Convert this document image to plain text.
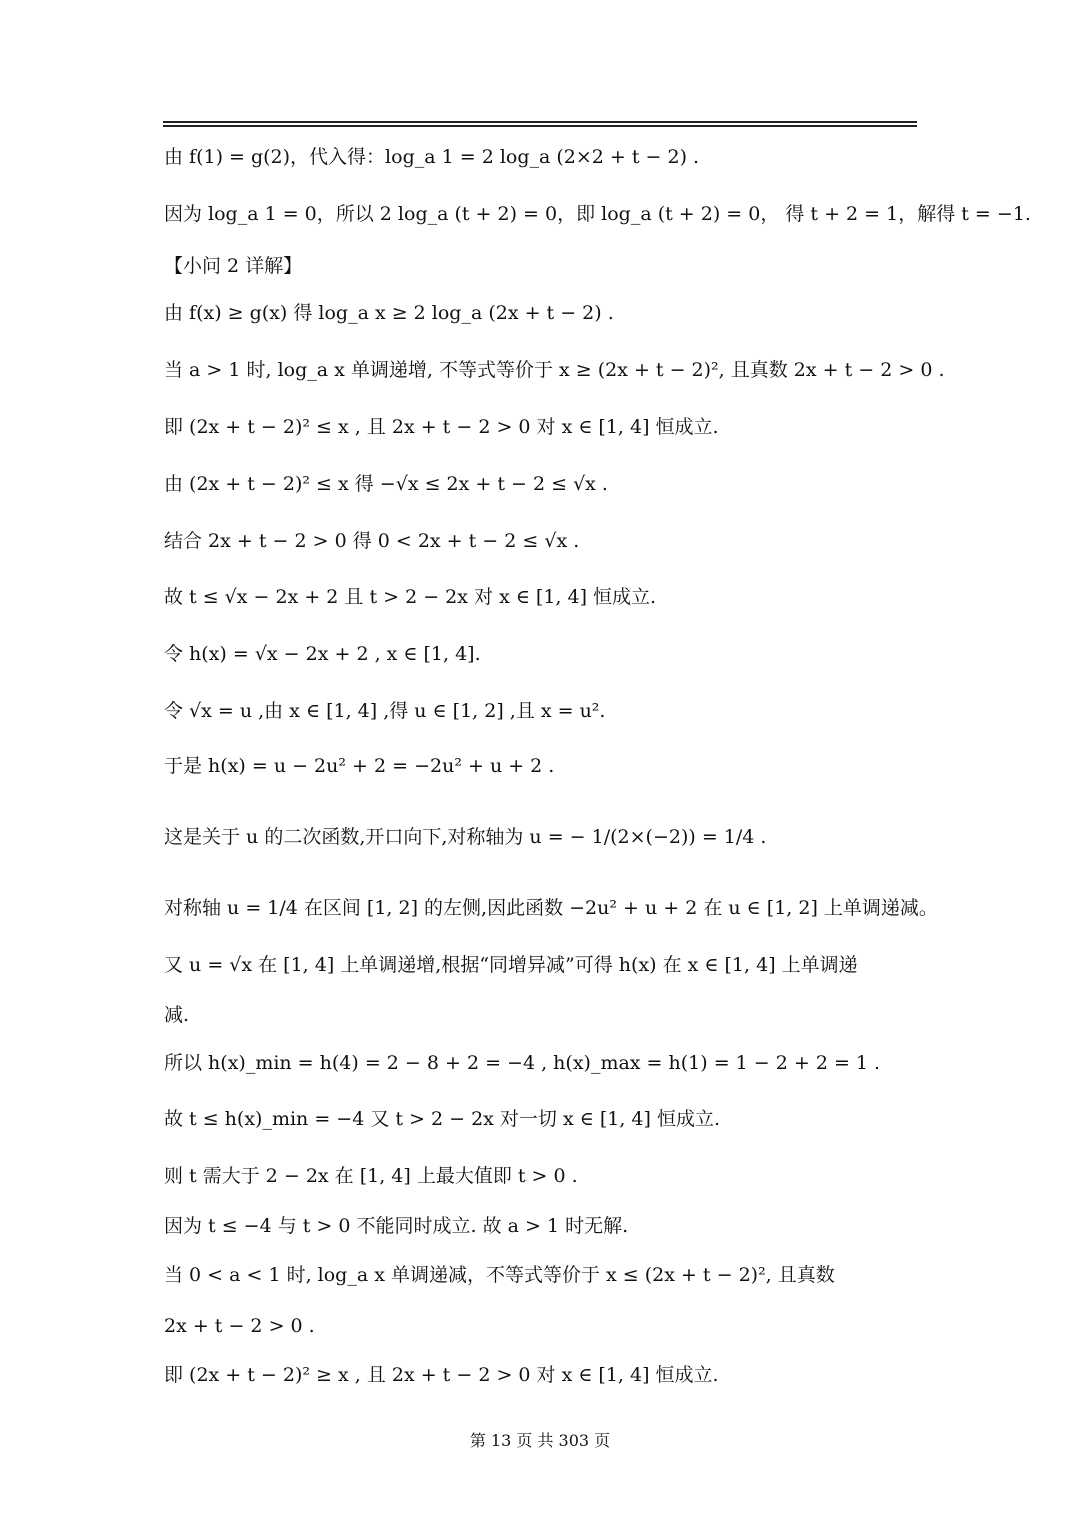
由 f(1) = g(2)，代入得：log_a 1 = 2 log_a (2×2 + t − 2) .
因为 log_a 1 = 0，所以 2 log_a (t + 2) = 0，即 log_a (t + 2) = 0， 得 t + 2 = 1，解得 t = −1.
【小问 2 详解】
由 f(x) ≥ g(x) 得 log_a x ≥ 2 log_a (2x + t − 2) .
当 a > 1 时, log_a x 单调递增, 不等式等价于 x ≥ (2x + t − 2)², 且真数 2x + t − 2 > 0 .
即 (2x + t − 2)² ≤ x , 且 2x + t − 2 > 0 对 x ∈ [1, 4] 恒成立.
由 (2x + t − 2)² ≤ x 得 −√x ≤ 2x + t − 2 ≤ √x .
结合 2x + t − 2 > 0 得 0 < 2x + t − 2 ≤ √x .
故 t ≤ √x − 2x + 2 且 t > 2 − 2x 对 x ∈ [1, 4] 恒成立.
令 h(x) = √x − 2x + 2 , x ∈ [1, 4].
令 √x = u ,由 x ∈ [1, 4] ,得 u ∈ [1, 2] ,且 x = u².
于是 h(x) = u − 2u² + 2 = −2u² + u + 2 .
这是关于 u 的二次函数,开口向下,对称轴为 u = − 1/(2×(−2)) = 1/4 .
对称轴 u = 1/4 在区间 [1, 2] 的左侧,因此函数 −2u² + u + 2 在 u ∈ [1, 2] 上单调递减。
又 u = √x 在 [1, 4] 上单调递增,根据“同增异减”可得 h(x) 在 x ∈ [1, 4] 上单调递
减.
所以 h(x)_min = h(4) = 2 − 8 + 2 = −4 , h(x)_max = h(1) = 1 − 2 + 2 = 1 .
故 t ≤ h(x)_min = −4 又 t > 2 − 2x 对一切 x ∈ [1, 4] 恒成立.
则 t 需大于 2 − 2x 在 [1, 4] 上最大值即 t > 0 .
因为 t ≤ −4 与 t > 0 不能同时成立. 故 a > 1 时无解.
当 0 < a < 1 时, log_a x 单调递减，不等式等价于 x ≤ (2x + t − 2)², 且真数
2x + t − 2 > 0 .
即 (2x + t − 2)² ≥ x , 且 2x + t − 2 > 0 对 x ∈ [1, 4] 恒成立.
第 13 页 共 303 页
